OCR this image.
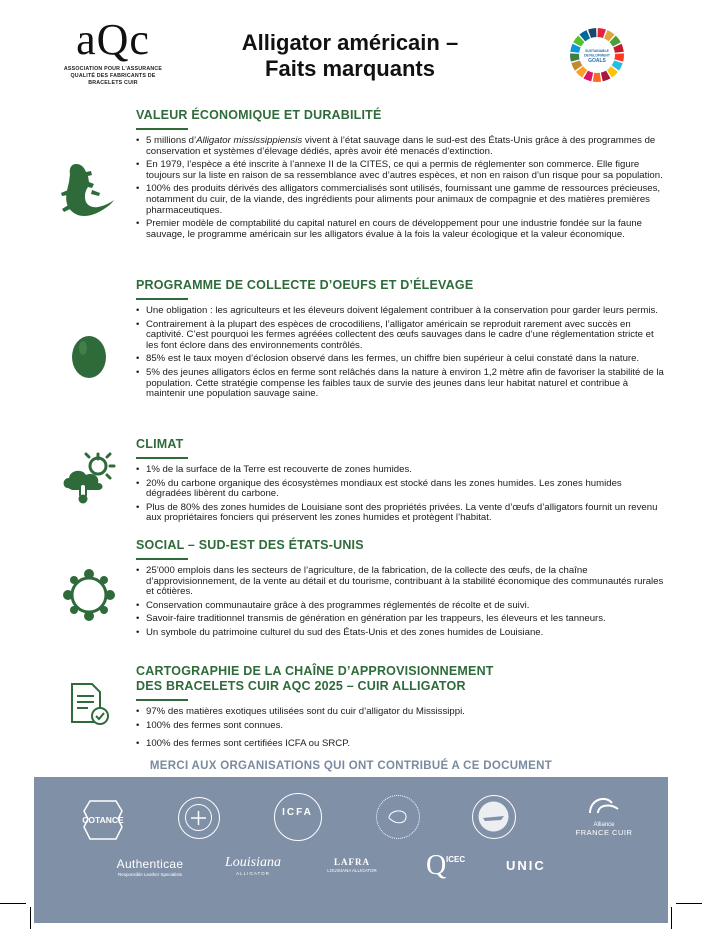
aQc
ASSOCIATION POUR L'ASSURANCE QUALITÉ DES FABRICANTS DE BRACELETS CUIR
Alligator américain –
Faits marquants
SUSTAINABLE
DEVELOPMENT
GOALS
VALEUR ÉCONOMIQUE ET DURABILITÉ
• 5 millions d’Alligator mississippiensis vivent à l’état sauvage dans le sud-est des États-Unis grâce à des programmes de conservation et systèmes d’élevage dédiés, après avoir été menacés d’extinction.
• En 1979, l’espèce a été inscrite à l’annexe II de la CITES, ce qui a permis de réglementer son commerce. Elle figure toujours sur la liste en raison de sa ressemblance avec d’autres espèces, et non en raison d’un risque pour sa population.
• 100% des produits dérivés des alligators commercialisés sont utilisés, fournissant une gamme de ressources précieuses, notamment du cuir, de la viande, des ingrédients pour aliments pour animaux de compagnie et des matières premières pharmaceutiques.
• Premier modèle de comptabilité du capital naturel en cours de développement pour une industrie fondée sur la faune sauvage, le programme américain sur les alligators évalue à la fois la valeur écologique et la valeur économique.
PROGRAMME DE COLLECTE D’OEUFS ET D’ÉLEVAGE
• Une obligation : les agriculteurs et les éleveurs doivent légalement contribuer à la conservation pour garder leurs permis.
• Contrairement à la plupart des espèces de crocodiliens, l’alligator américain se reproduit rarement avec succès en captivité. C’est pourquoi les fermes agréées collectent des œufs sauvages dans le cadre d’une réglementation stricte et les font éclore dans des environnements contrôlés.
• 85% est le taux moyen d’éclosion observé dans les fermes, un chiffre bien supérieur à celui constaté dans la nature.
• 5% des jeunes alligators éclos en ferme sont relâchés dans la nature à environ 1,2 mètre afin de favoriser la stabilité de la population. Cette stratégie compense les faibles taux de survie des jeunes dans leur habitat naturel et contribue à maintenir une population sauvage saine.
CLIMAT
• 1% de la surface de la Terre est recouverte de zones humides.
• 20% du carbone organique des écosystèmes mondiaux est stocké dans les zones humides. Les zones humides dégradées libèrent du carbone.
• Plus de 80% des zones humides de Louisiane sont des propriétés privées. La vente d’œufs d’alligators fournit un revenu aux propriétaires fonciers qui préservent les zones humides et protègent l’habitat.
SOCIAL – SUD-EST DES ÉTATS-UNIS
• 25’000 emplois dans les secteurs de l’agriculture, de la fabrication, de la collecte des œufs, de la chaîne d’approvisionnement, de la vente au détail et du tourisme, contribuant à la stabilité économique des communautés rurales et côtières.
• Conservation communautaire grâce à des programmes réglementés de récolte et de suivi.
• Savoir-faire traditionnel transmis de génération en génération par les trappeurs, les éleveurs et les tanneurs.
• Un symbole du patrimoine culturel du sud des États-Unis et des zones humides de Louisiane.
CARTOGRAPHIE DE LA CHAÎNE D’APPROVISIONNEMENT
DES BRACELETS CUIR AQC 2025 – CUIR ALLIGATOR
• 97% des matières exotiques utilisées sont du cuir d’alligator du Mississippi.
• 100% des fermes sont connues.
• 100% des fermes sont certifiées ICFA ou SRCP.
MERCI AUX ORGANISATIONS QUI ONT CONTRIBUÉ A CE DOCUMENT
COTANCE
ICFA
Alliance
FRANCE CUIR
Authenticae
Responsible Leather Specialists
Louisiana
ALLIGATOR
LAFRA
LOUISIANA ALLIGATOR	Q ICEC	UNIC
